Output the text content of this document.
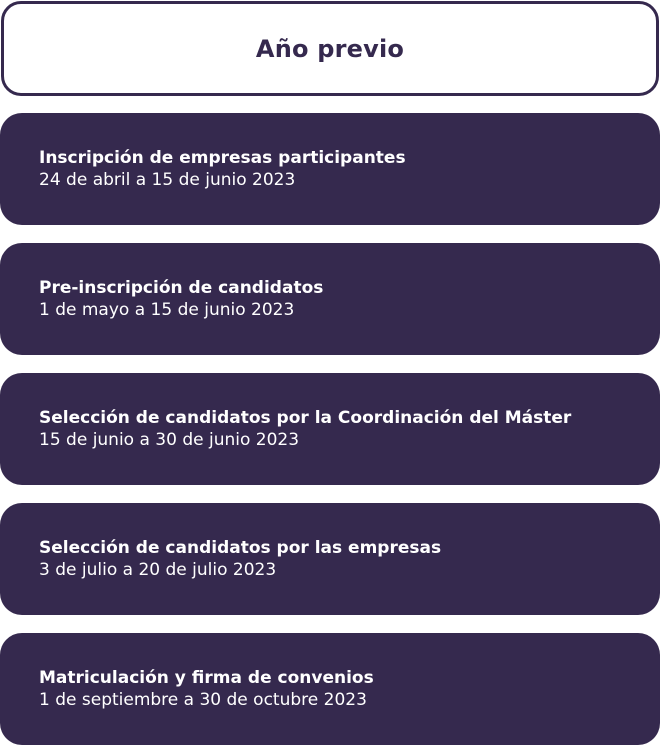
Año previo
Inscripción de empresas participantes
24 de abril a 15 de junio 2023
Pre-inscripción de candidatos
1 de mayo a 15 de junio 2023
Selección de candidatos por la Coordinación del Máster
15 de junio a 30 de junio 2023
Selección de candidatos por las empresas
3 de julio a 20 de julio 2023
Matriculación y firma de convenios
1 de septiembre a 30 de octubre 2023
